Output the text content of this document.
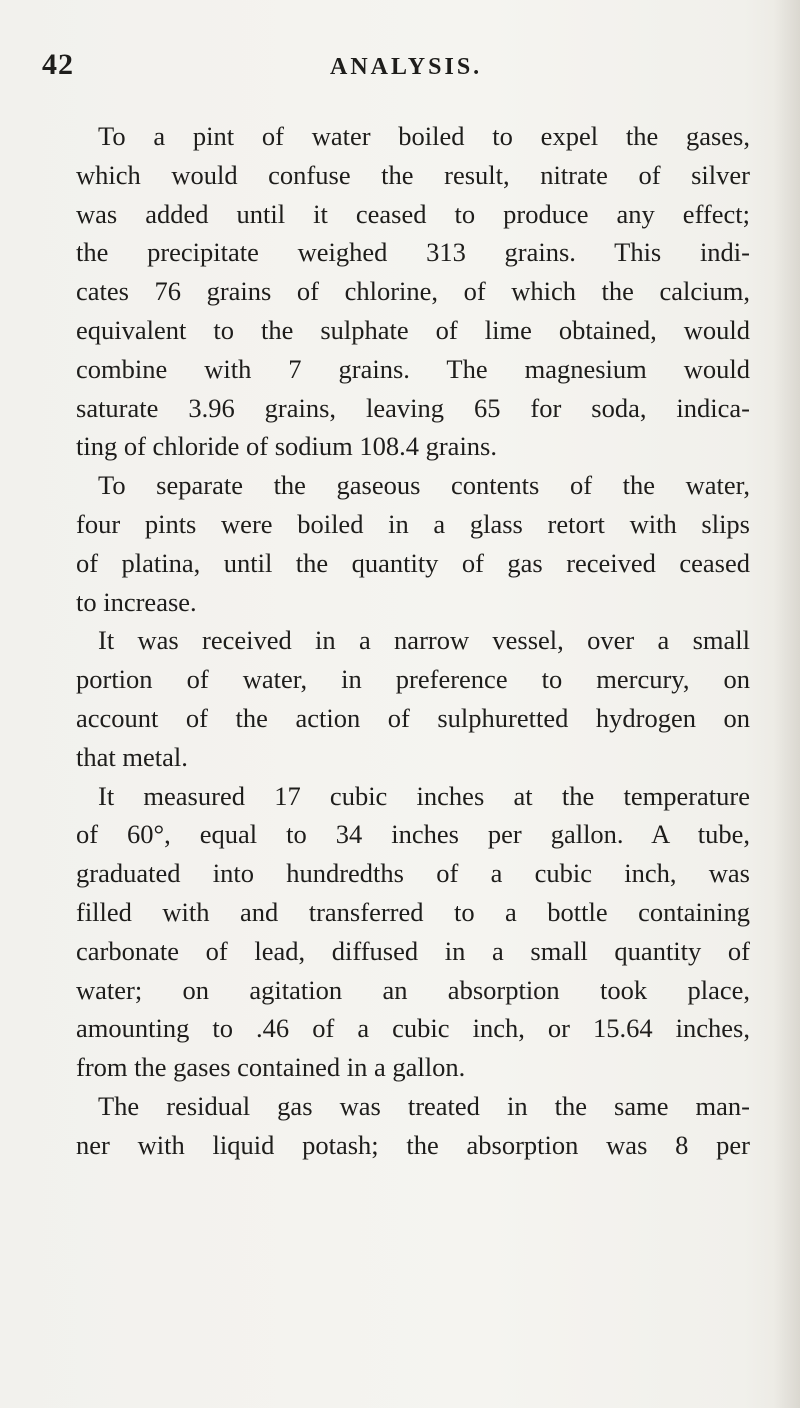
42	ANALYSIS.
To a pint of water boiled to expel the gases,
which would confuse the result, nitrate of silver
was added until it ceased to produce any effect;
the precipitate weighed 313 grains. This indi-
cates 76 grains of chlorine, of which the calcium,
equivalent to the sulphate of lime obtained, would
combine with 7 grains. The magnesium would
saturate 3.96 grains, leaving 65 for soda, indica-
ting of chloride of sodium 108.4 grains.
To separate the gaseous contents of the water,
four pints were boiled in a glass retort with slips
of platina, until the quantity of gas received ceased
to increase.
It was received in a narrow vessel, over a small
portion of water, in preference to mercury, on
account of the action of sulphuretted hydrogen on
that metal.
It measured 17 cubic inches at the temperature
of 60°, equal to 34 inches per gallon. A tube,
graduated into hundredths of a cubic inch, was
filled with and transferred to a bottle containing
carbonate of lead, diffused in a small quantity of
water; on agitation an absorption took place,
amounting to .46 of a cubic inch, or 15.64 inches,
from the gases contained in a gallon.
The residual gas was treated in the same man-
ner with liquid potash; the absorption was 8 per
